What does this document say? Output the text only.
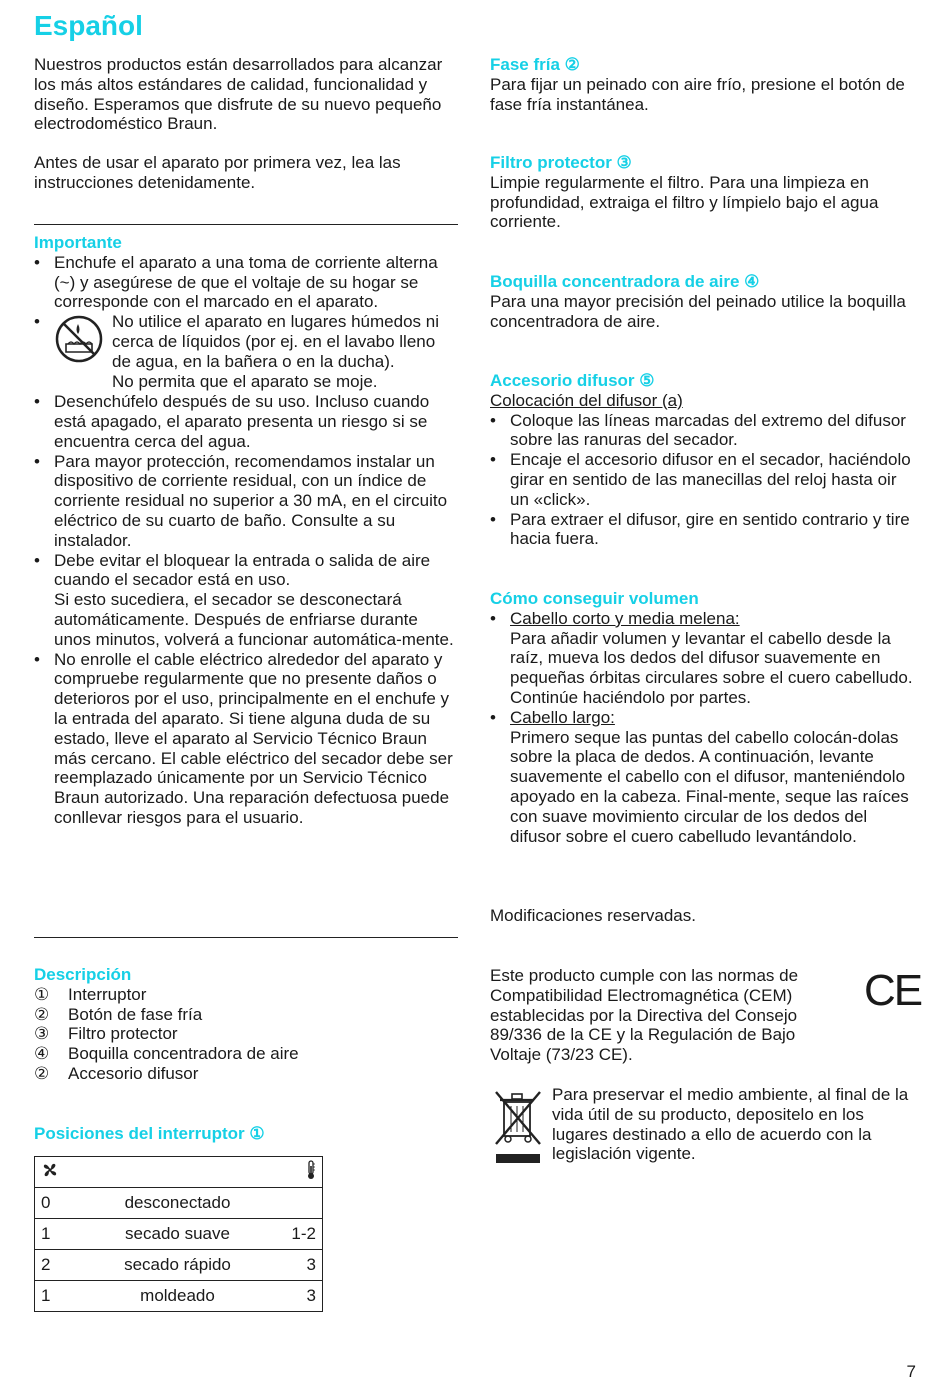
Español

Nuestros productos están desarrollados para alcanzar los más altos estándares de calidad, funcionalidad y diseño. Esperamos que disfrute de su nuevo pequeño electrodoméstico Braun.

Antes de usar el aparato por primera vez, lea las instrucciones detenidamente.

Importante
• Enchufe el aparato a una toma de corriente alterna (~) y asegúrese de que el voltaje de su hogar se corresponde con el marcado en el aparato.
• No utilice el aparato en lugares húmedos ni cerca de líquidos (por ej. en el lavabo lleno de agua, en la bañera o en la ducha).
No permita que el aparato se moje.
• Desenchúfelo después de su uso. Incluso cuando está apagado, el aparato presenta un riesgo si se encuentra cerca del agua.
• Para mayor protección, recomendamos instalar un dispositivo de corriente residual, con un índice de corriente residual no superior a 30 mA, en el circuito eléctrico de su cuarto de baño. Consulte a su instalador.
• Debe evitar el bloquear la entrada o salida de aire cuando el secador está en uso.
Si esto sucediera, el secador se desconectará automáticamente. Después de enfriarse durante unos minutos, volverá a funcionar automática-mente.
• No enrolle el cable eléctrico alrededor del aparato y compruebe regularmente que no presente daños o deterioros por el uso, principalmente en el enchufe y la entrada del aparato. Si tiene alguna duda de su estado, lleve el aparato al Servicio Técnico Braun más cercano. El cable eléctrico del secador debe ser reemplazado únicamente por un Servicio Técnico Braun autorizado. Una reparación defectuosa puede conllevar riesgos para el usuario.
Descripción
①	Interruptor
②	Botón de fase fría
③	Filtro protector
④	Boquilla concentradora de aire
②	Accesorio difusor
Posiciones del interruptor ①

0	desconectado

1	secado suave	1-2

2	secado rápido	3

1	moldeado	3
Fase fría ②

Para fijar un peinado con aire frío, presione el botón de fase fría instantánea.

Filtro protector ③

Limpie regularmente el filtro. Para una limpieza en profundidad, extraiga el filtro y límpielo bajo el agua corriente.

Boquilla concentradora de aire ④

Para una mayor precisión del peinado utilice la boquilla concentradora de aire.

Accesorio difusor ⑤
Colocación del difusor (a)
• Coloque las líneas marcadas del extremo del difusor sobre las ranuras del secador.
• Encaje el accesorio difusor en el secador, haciéndolo girar en sentido de las manecillas del reloj hasta oir un «click».
• Para extraer el difusor, gire en sentido contrario y tire hacia fuera.
Cómo conseguir volumen
• Cabello corto y media melena:
Para añadir volumen y levantar el cabello desde la raíz, mueva los dedos del difusor suavemente en pequeñas órbitas circulares sobre el cuero cabelludo. Continúe haciéndolo por partes.
• Cabello largo:
Primero seque las puntas del cabello colocán-dolas sobre la placa de dedos. A continuación, levante suavemente el cabello con el difusor, manteniéndolo apoyado en la cabeza. Final-mente, seque las raíces con suave movimiento circular de los dedos del difusor sobre el cuero cabelludo levantándolo.

Modificaciones reservadas.

Este producto cumple con las normas de Compatibilidad Electromagnética (CEM) establecidas por la Directiva del Consejo 89/336 de la CE y la Regulación de Bajo Voltaje (73/23 CE).

CE

Para preservar el medio ambiente, al final de la vida útil de su producto, depositelo en los lugares destinado a ello de acuerdo con la legislación vigente.

7
